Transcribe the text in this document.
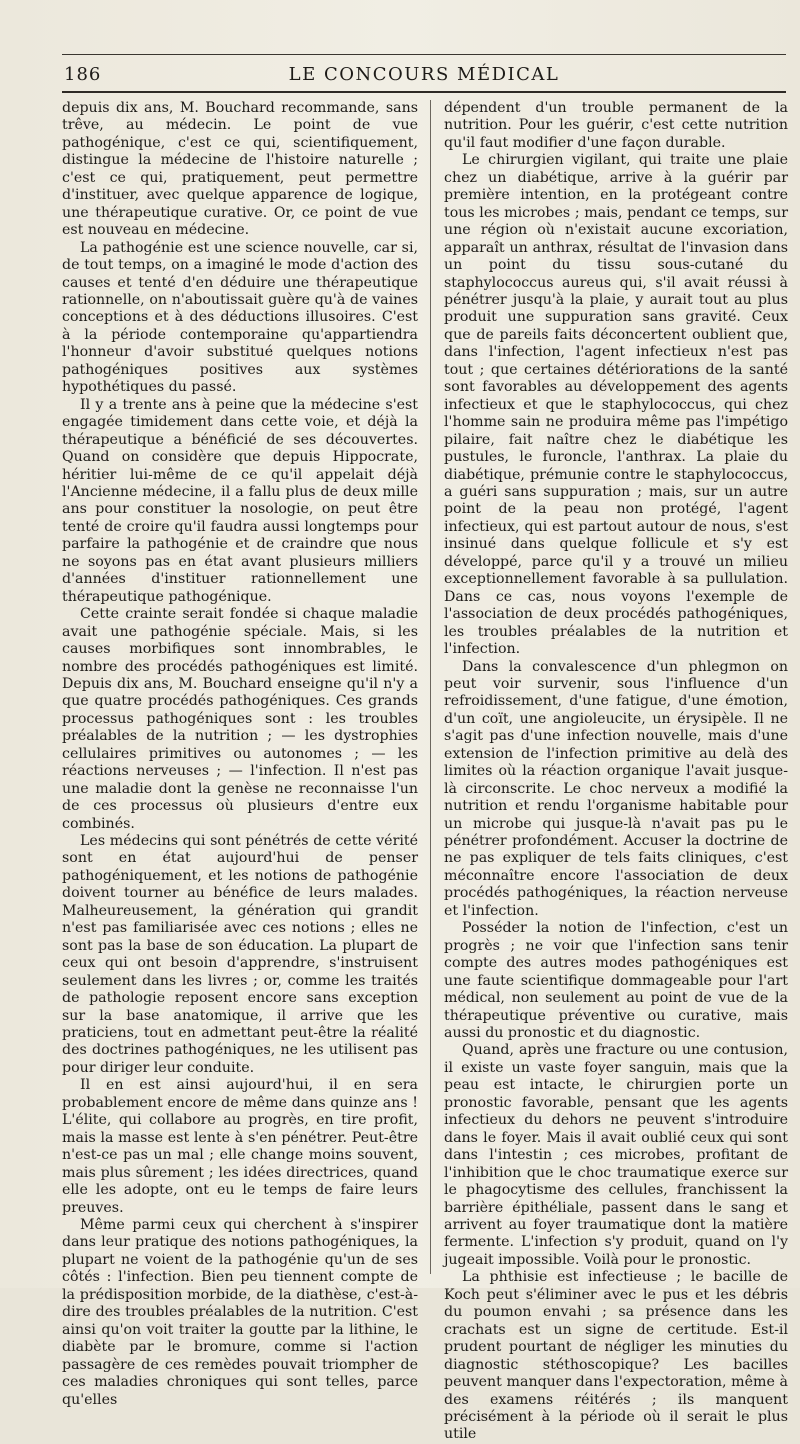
186	LE CONCOURS MÉDICAL

depuis dix ans, M. Bouchard recommande, sans trêve, au médecin. Le point de vue pathogénique, c'est ce qui, scientifiquement, distingue la médecine de l'histoire naturelle ; c'est ce qui, pratiquement, peut permettre d'instituer, avec quelque apparence de logique, une thérapeutique curative. Or, ce point de vue est nouveau en médecine.

La pathogénie est une science nouvelle, car si, de tout temps, on a imaginé le mode d'action des causes et tenté d'en déduire une thérapeutique rationnelle, on n'aboutissait guère qu'à de vaines conceptions et à des déductions illusoires. C'est à la période contemporaine qu'appartiendra l'honneur d'avoir substitué quelques notions pathogéniques positives aux systèmes hypothétiques du passé.

Il y a trente ans à peine que la médecine s'est engagée timidement dans cette voie, et déjà la thérapeutique a bénéficié de ses découvertes. Quand on considère que depuis Hippocrate, héritier lui-même de ce qu'il appelait déjà l'Ancienne médecine, il a fallu plus de deux mille ans pour constituer la nosologie, on peut être tenté de croire qu'il faudra aussi longtemps pour parfaire la pathogénie et de craindre que nous ne soyons pas en état avant plusieurs milliers d'années d'instituer rationnellement une thérapeutique pathogénique.

Cette crainte serait fondée si chaque maladie avait une pathogénie spéciale. Mais, si les causes morbifiques sont innombrables, le nombre des procédés pathogéniques est limité. Depuis dix ans, M. Bouchard enseigne qu'il n'y a que quatre procédés pathogéniques. Ces grands processus pathogéniques sont : les troubles préalables de la nutrition ; — les dystrophies cellulaires primitives ou autonomes ; — les réactions nerveuses ; — l'infection. Il n'est pas une maladie dont la genèse ne reconnaisse l'un de ces processus où plusieurs d'entre eux combinés.

Les médecins qui sont pénétrés de cette vérité sont en état aujourd'hui de penser pathogéniquement, et les notions de pathogénie doivent tourner au bénéfice de leurs malades. Malheureusement, la génération qui grandit n'est pas familiarisée avec ces notions ; elles ne sont pas la base de son éducation. La plupart de ceux qui ont besoin d'apprendre, s'instruisent seulement dans les livres ; or, comme les traités de pathologie reposent encore sans exception sur la base anatomique, il arrive que les praticiens, tout en admettant peut-être la réalité des doctrines pathogéniques, ne les utilisent pas pour diriger leur conduite.

Il en est ainsi aujourd'hui, il en sera probablement encore de même dans quinze ans ! L'élite, qui collabore au progrès, en tire profit, mais la masse est lente à s'en pénétrer. Peut-être n'est-ce pas un mal ; elle change moins souvent, mais plus sûrement ; les idées directrices, quand elle les adopte, ont eu le temps de faire leurs preuves.

Même parmi ceux qui cherchent à s'inspirer dans leur pratique des notions pathogéniques, la plupart ne voient de la pathogénie qu'un de ses côtés : l'infection. Bien peu tiennent compte de la prédisposition morbide, de la diathèse, c'est-à-dire des troubles préalables de la nutrition. C'est ainsi qu'on voit traiter la goutte par la lithine, le diabète par le bromure, comme si l'action passagère de ces remèdes pouvait triompher de ces maladies chroniques qui sont telles, parce qu'elles

dépendent d'un trouble permanent de la nutrition. Pour les guérir, c'est cette nutrition qu'il faut modifier d'une façon durable.

Le chirurgien vigilant, qui traite une plaie chez un diabétique, arrive à la guérir par première intention, en la protégeant contre tous les microbes ; mais, pendant ce temps, sur une région où n'existait aucune excoriation, apparaît un anthrax, résultat de l'invasion dans un point du tissu sous-cutané du staphylococcus aureus qui, s'il avait réussi à pénétrer jusqu'à la plaie, y aurait tout au plus produit une suppuration sans gravité. Ceux que de pareils faits déconcertent oublient que, dans l'infection, l'agent infectieux n'est pas tout ; que certaines détériorations de la santé sont favorables au développement des agents infectieux et que le staphylococcus, qui chez l'homme sain ne produira même pas l'impétigo pilaire, fait naître chez le diabétique les pustules, le furoncle, l'anthrax. La plaie du diabétique, prémunie contre le staphylococcus, a guéri sans suppuration ; mais, sur un autre point de la peau non protégé, l'agent infectieux, qui est partout autour de nous, s'est insinué dans quelque follicule et s'y est développé, parce qu'il y a trouvé un milieu exceptionnellement favorable à sa pullulation. Dans ce cas, nous voyons l'exemple de l'association de deux procédés pathogéniques, les troubles préalables de la nutrition et l'infection.

Dans la convalescence d'un phlegmon on peut voir survenir, sous l'influence d'un refroidissement, d'une fatigue, d'une émotion, d'un coït, une angioleucite, un érysipèle. Il ne s'agit pas d'une infection nouvelle, mais d'une extension de l'infection primitive au delà des limites où la réaction organique l'avait jusque-là circonscrite. Le choc nerveux a modifié la nutrition et rendu l'organisme habitable pour un microbe qui jusque-là n'avait pas pu le pénétrer profondément. Accuser la doctrine de ne pas expliquer de tels faits cliniques, c'est méconnaître encore l'association de deux procédés pathogéniques, la réaction nerveuse et l'infection.

Posséder la notion de l'infection, c'est un progrès ; ne voir que l'infection sans tenir compte des autres modes pathogéniques est une faute scientifique dommageable pour l'art médical, non seulement au point de vue de la thérapeutique préventive ou curative, mais aussi du pronostic et du diagnostic.

Quand, après une fracture ou une contusion, il existe un vaste foyer sanguin, mais que la peau est intacte, le chirurgien porte un pronostic favorable, pensant que les agents infectieux du dehors ne peuvent s'introduire dans le foyer. Mais il avait oublié ceux qui sont dans l'intestin ; ces microbes, profitant de l'inhibition que le choc traumatique exerce sur le phagocytisme des cellules, franchissent la barrière épithéliale, passent dans le sang et arrivent au foyer traumatique dont la matière fermente. L'infection s'y produit, quand on l'y jugeait impossible. Voilà pour le pronostic.

La phthisie est infectieuse ; le bacille de Koch peut s'éliminer avec le pus et les débris du poumon envahi ; sa présence dans les crachats est un signe de certitude. Est-il prudent pourtant de négliger les minuties du diagnostic stéthoscopique? Les bacilles peuvent manquer dans l'expectoration, même à des examens réitérés ; ils manquent précisément à la période où il serait le plus utile
